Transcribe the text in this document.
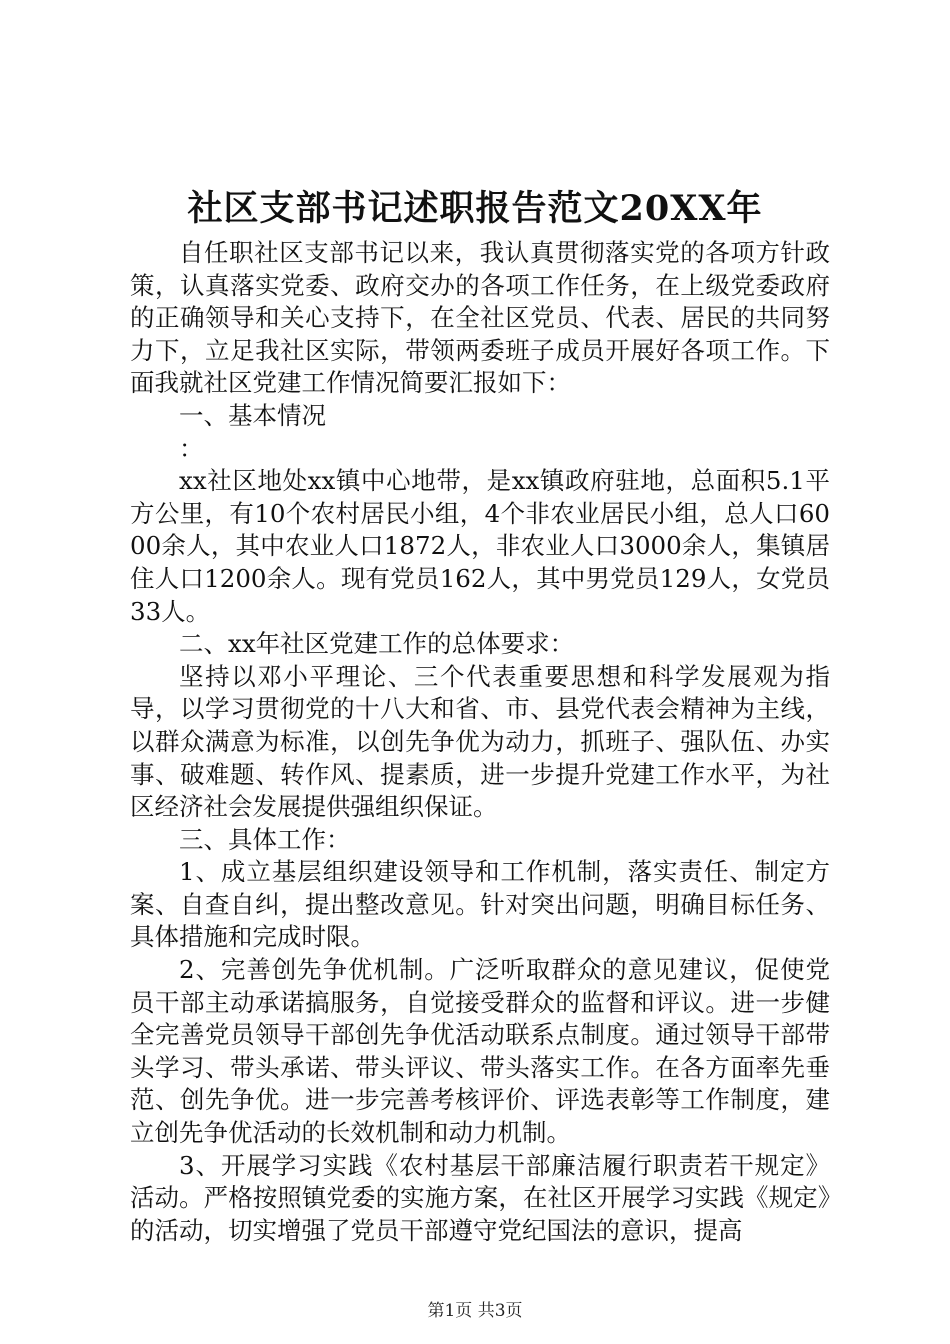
社区支部书记述职报告范文20XX年

自任职社区支部书记以来，我认真贯彻落实党的各项方针政策，认真落实党委、政府交办的各项工作任务，在上级党委政府的正确领导和关心支持下，在全社区党员、代表、居民的共同努力下，立足我社区实际，带领两委班子成员开展好各项工作。下面我就社区党建工作情况简要汇报如下：

一、基本情况

：

xx社区地处xx镇中心地带，是xx镇政府驻地，总面积5.1平方公里，有10个农村居民小组，4个非农业居民小组，总人口6000余人，其中农业人口1872人，非农业人口3000余人，集镇居住人口1200余人。现有党员162人，其中男党员129人，女党员33人。

二、xx年社区党建工作的总体要求：

坚持以邓小平理论、三个代表重要思想和科学发展观为指导，以学习贯彻党的十八大和省、市、县党代表会精神为主线，以群众满意为标准，以创先争优为动力，抓班子、强队伍、办实事、破难题、转作风、提素质，进一步提升党建工作水平，为社区经济社会发展提供强组织保证。

三、具体工作：

1、成立基层组织建设领导和工作机制，落实责任、制定方案、自查自纠，提出整改意见。针对突出问题，明确目标任务、具体措施和完成时限。

2、完善创先争优机制。广泛听取群众的意见建议，促使党员干部主动承诺搞服务，自觉接受群众的监督和评议。进一步健全完善党员领导干部创先争优活动联系点制度。通过领导干部带头学习、带头承诺、带头评议、带头落实工作。在各方面率先垂范、创先争优。进一步完善考核评价、评选表彰等工作制度，建立创先争优活动的长效机制和动力机制。

3、开展学习实践《农村基层干部廉洁履行职责若干规定》活动。严格按照镇党委的实施方案，在社区开展学习实践《规定》的活动，切实增强了党员干部遵守党纪国法的意识，提高

第1页 共3页
